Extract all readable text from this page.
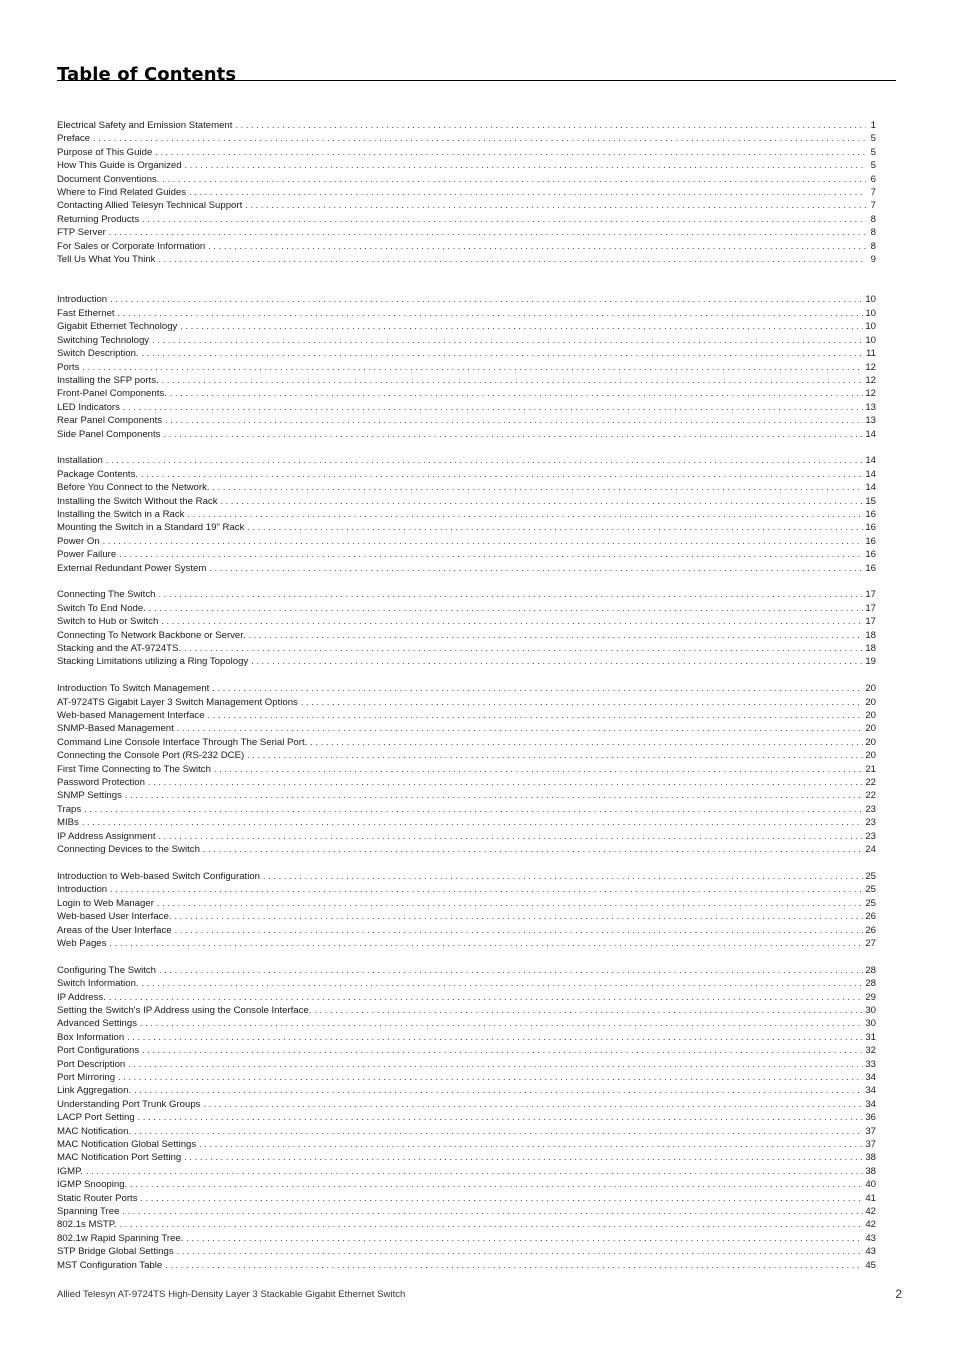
Table of Contents
Electrical Safety and Emission Statement . . .	1
Preface . . .	5
Purpose of This Guide . . .	5
How This Guide is Organized . . .	5
Document Conventions. . . .	6
Where to Find Related Guides . . .	7
Contacting Allied Telesyn Technical Support . . .	7
Returning Products . . .	8
FTP Server . . .	8
For Sales or Corporate Information . . .	8
Tell Us What You Think . . .	9
Introduction . . .	10
Fast Ethernet . . .	10
Gigabit Ethernet Technology . . .	10
Switching Technology . . .	10
Switch Description. . . .	11
Ports . . .	12
Installing the SFP ports. . . .	12
Front-Panel Components. . . .	12
LED Indicators . . .	13
Rear Panel Components . . .	13
Side Panel Components . . .	14
Installation . . .	14
Package Contents. . . .	14
Before You Connect to the Network. . . .	14
Installing the Switch Without the Rack . . .	15
Installing the Switch in a Rack . . .	16
Mounting the Switch in a Standard 19" Rack . . .	16
Power On . . .	16
Power Failure . . .	16
External Redundant Power System . . .	16
Connecting The Switch . . .	17
Switch To End Node. . . .	17
Switch to Hub or Switch . . .	17
Connecting To Network Backbone or Server. . . .	18
Stacking and the AT-9724TS. . . .	18
Stacking Limitations utilizing a Ring Topology . . .	19
Introduction To Switch Management . . .	20
AT-9724TS Gigabit Layer 3 Switch Management Options . . .	20
Web-based Management Interface . . .	20
SNMP-Based Management . . .	20
Command Line Console Interface Through The Serial Port. . . .	20
Connecting the Console Port (RS-232 DCE) . . .	20
First Time Connecting to The Switch . . .	21
Password Protection . . .	22
SNMP Settings . . .	22
Traps . . .	23
MIBs . . .	23
IP Address Assignment . . .	23
Connecting Devices to the Switch . . .	24
Introduction to Web-based Switch Configuration . . .	25
Introduction . . .	25
Login to Web Manager . . .	25
Web-based User Interface. . . .	26
Areas of the User Interface . . .	26
Web Pages . . .	27
Configuring The Switch . . .	28
Switch Information. . . .	28
IP Address. . . .	29
Setting the Switch's IP Address using the Console Interface. . . .	30
Advanced Settings . . .	30
Box Information . . .	31
Port Configurations . . .	32
Port Description . . .	33
Port Mirroring . . .	34
Link Aggregation. . . .	34
Understanding Port Trunk Groups . . .	34
LACP Port Setting . . .	36
MAC Notification. . . .	37
MAC Notification Global Settings . . .	37
MAC Notification Port Setting . . .	38
IGMP. . . .	38
IGMP Snooping. . . .	40
Static Router Ports . . .	41
Spanning Tree . . .	42
802.1s MSTP. . . .	42
802.1w Rapid Spanning Tree. . . .	43
STP Bridge Global Settings . . .	43
MST Configuration Table . . .	45
Allied Telesyn AT-9724TS High-Density Layer 3 Stackable Gigabit Ethernet Switch	2
